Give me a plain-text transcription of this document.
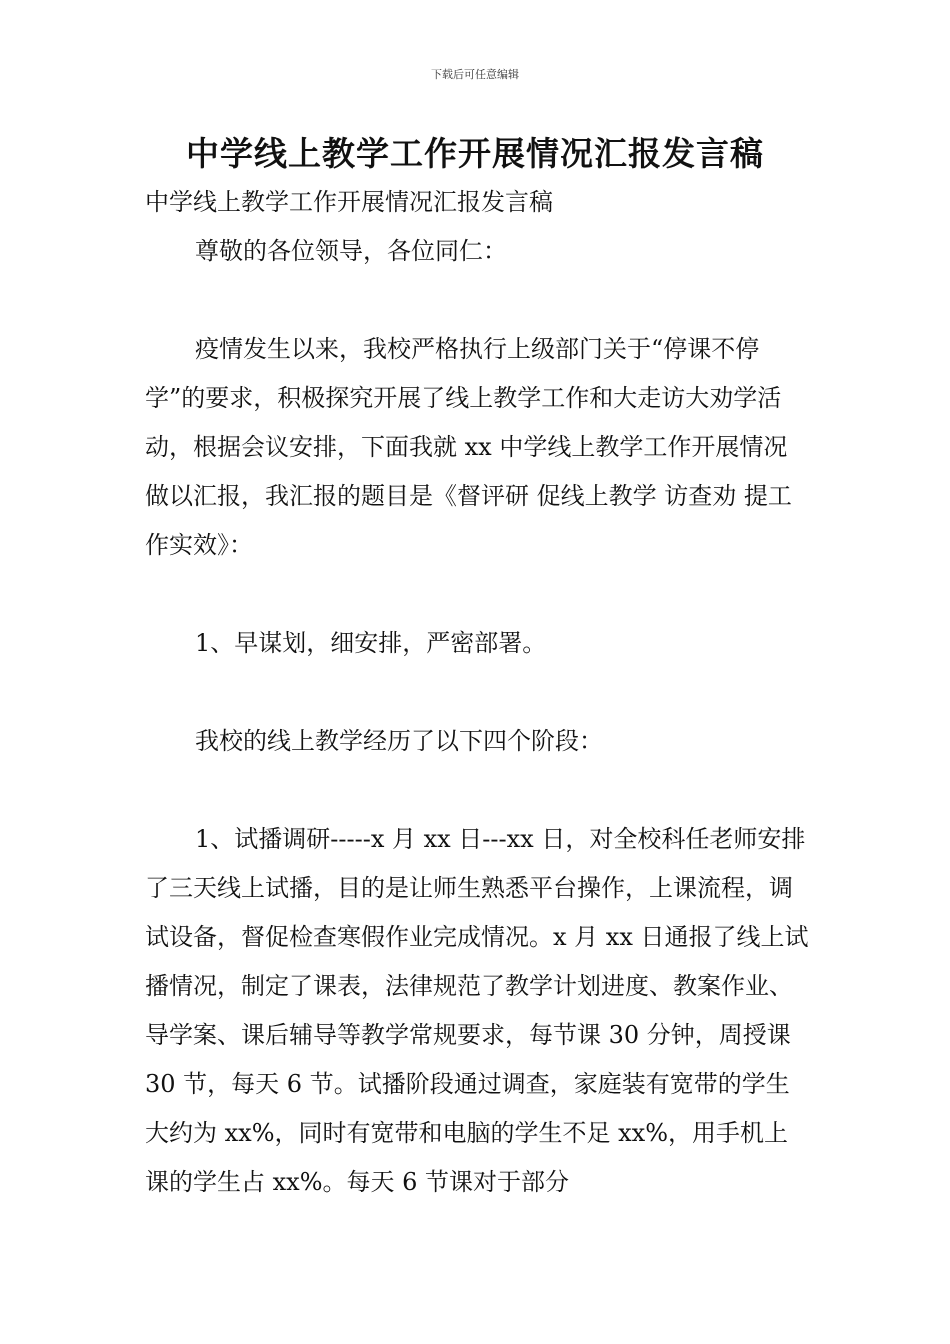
下载后可任意编辑
中学线上教学工作开展情况汇报发言稿

中学线上教学工作开展情况汇报发言稿

尊敬的各位领导，各位同仁：

疫情发生以来，我校严格执行上级部门关于“停课不停学”的要求，积极探究开展了线上教学工作和大走访大劝学活动，根据会议安排，下面我就 xx 中学线上教学工作开展情况做以汇报，我汇报的题目是《督评研 促线上教学 访查劝 提工作实效》：

1、早谋划，细安排，严密部署。

我校的线上教学经历了以下四个阶段：

1、试播调研-----x 月 xx 日---xx 日，对全校科任老师安排了三天线上试播，目的是让师生熟悉平台操作，上课流程，调试设备，督促检查寒假作业完成情况。x 月 xx 日通报了线上试播情况，制定了课表，法律规范了教学计划进度、教案作业、导学案、课后辅导等教学常规要求，每节课 30 分钟，周授课 30 节，每天 6 节。试播阶段通过调查，家庭装有宽带的学生大约为 xx%，同时有宽带和电脑的学生不足 xx%，用手机上课的学生占 xx%。每天 6 节课对于部分
